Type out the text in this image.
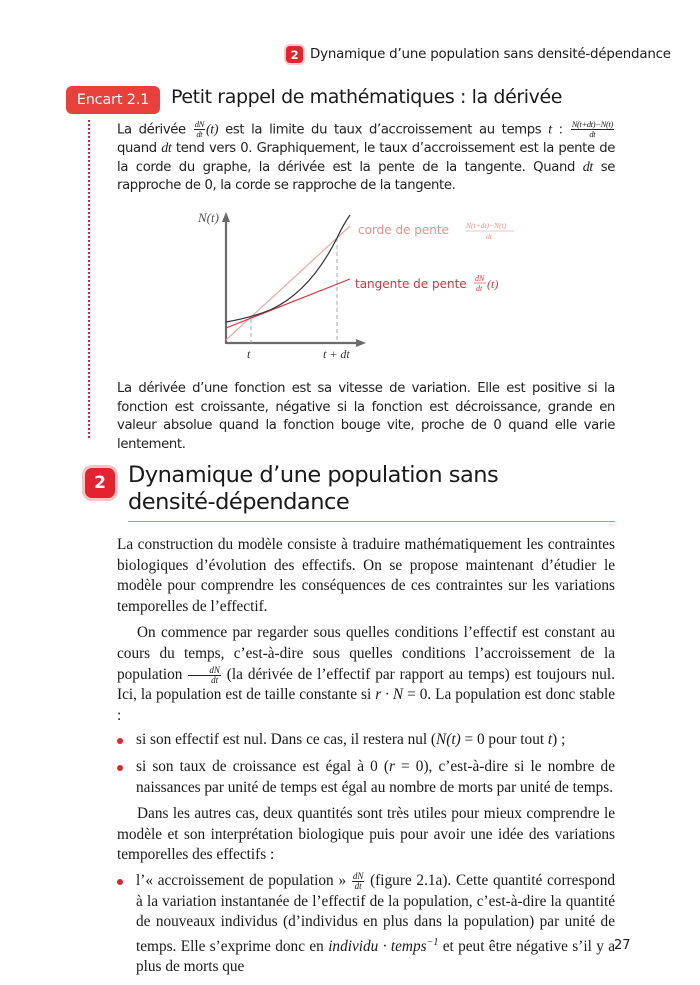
2 Dynamique d’une population sans densité-dépendance
Encart 2.1	Petit rappel de mathématiques : la dérivée
La dérivée $\frac{dN}{dt} (t)$ est la limite du taux d’accroissement au temps t : $\frac{N(t+dt)-N(t)}{dt}$
quand dt tend vers 0. Graphiquement, le taux d’accroissement est la pente de la corde du graphe, la dérivée est la pente de la tangente. Quand dt se rapproche de 0, la corde se rapproche de la tangente.
N(t)
t	t + dt
corde de pente N(t+dt)−N(t)
dt
tangente de pente dN
dt (t)
La dérivée d’une fonction est sa vitesse de variation. Elle est positive si la fonction est croissante, négative si la fonction est décroissance, grande en valeur absolue quand la fonction bouge vite, proche de 0 quand elle varie lentement.
2 Dynamique d’une population sans
densité-dépendance

La construction du modèle consiste à traduire mathématiquement les contraintes biologiques d’évolution des effectifs. On se propose maintenant d’étudier le modèle pour comprendre les conséquences de ces contraintes sur les variations temporelles de l’effectif.

On commence par regarder sous quelles conditions l’effectif est constant au cours du temps, c’est-à-dire sous quelles conditions l’accroissement de la population $\frac{dN}{dt} (la$ dérivée de l’effectif par rapport au temps) est toujours nul. Ici, la population est de taille constante si r · N = 0. La population est donc stable :

si son effectif est nul. Dans ce cas, il restera nul (N(t) = 0 pour tout t) ;
si son taux de croissance est égal à 0 (r = 0), c’est-à-dire si le nombre de naissances par unité de temps est égal au nombre de morts par unité de temps.

Dans les autres cas, deux quantités sont très utiles pour mieux comprendre le modèle et son interprétation biologique puis pour avoir une idée des variations temporelles des effectifs :

l’« accroissement de population » $\frac{dN}{dt}$ (figure 2.1a). Cette quantité correspond à la variation instantanée de l’effectif de la population, c’est-à-dire la quantité de nouveaux individus (d’individus en plus dans la population) par unité de temps. Elle s’exprime donc en individu · temps$^{-1}$ et peut être négative s’il y a plus de morts que
27
